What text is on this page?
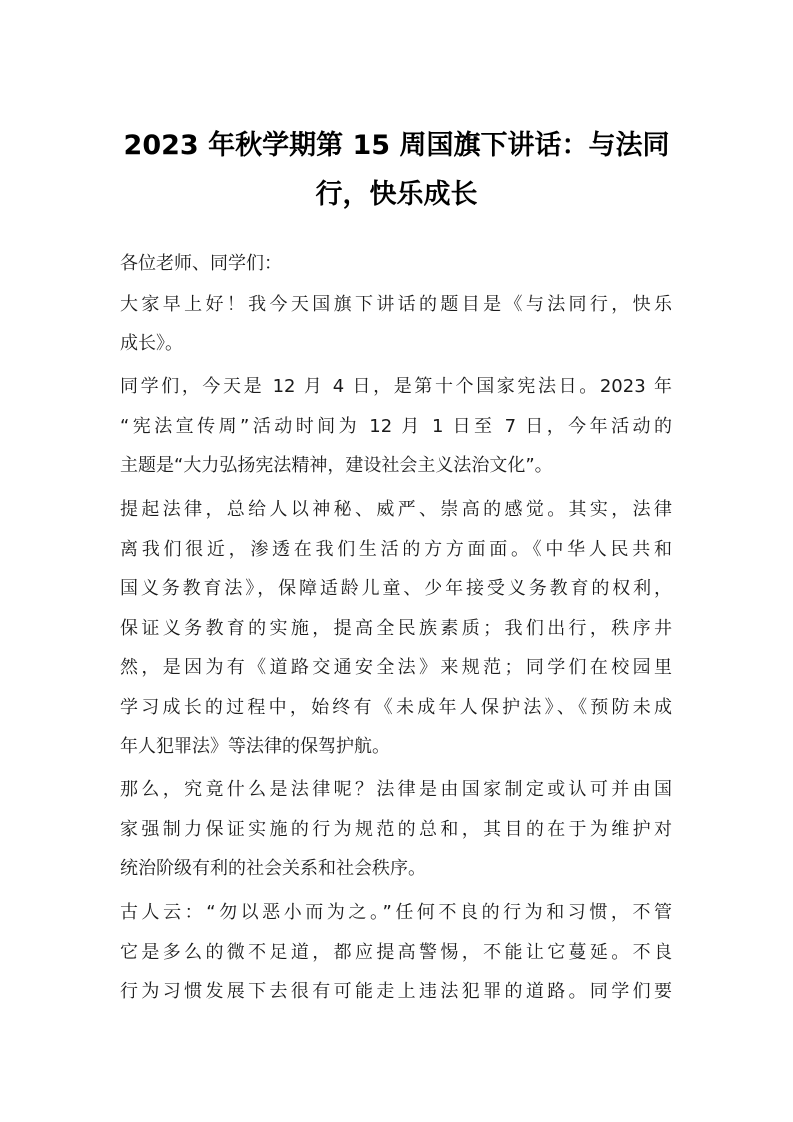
2023 年秋学期第 15 周国旗下讲话：与法同
行，快乐成长
各位老师、同学们：
大家早上好！我今天国旗下讲话的题目是《与法同行，快乐
成长》。
同学们，今天是 12 月 4 日，是第十个国家宪法日。2023 年
“宪法宣传周”活动时间为 12 月 1 日至 7 日，今年活动的
主题是“大力弘扬宪法精神，建设社会主义法治文化”。
提起法律，总给人以神秘、威严、崇高的感觉。其实，法律
离我们很近，渗透在我们生活的方方面面。《中华人民共和
国义务教育法》，保障适龄儿童、少年接受义务教育的权利，
保证义务教育的实施，提高全民族素质；我们出行，秩序井
然，是因为有《道路交通安全法》来规范；同学们在校园里
学习成长的过程中，始终有《未成年人保护法》、《预防未成
年人犯罪法》等法律的保驾护航。
那么，究竟什么是法律呢？法律是由国家制定或认可并由国
家强制力保证实施的行为规范的总和，其目的在于为维护对
统治阶级有利的社会关系和社会秩序。
古人云：“勿以恶小而为之。”任何不良的行为和习惯，不管
它是多么的微不足道，都应提高警惕，不能让它蔓延。不良
行为习惯发展下去很有可能走上违法犯罪的道路。同学们要
